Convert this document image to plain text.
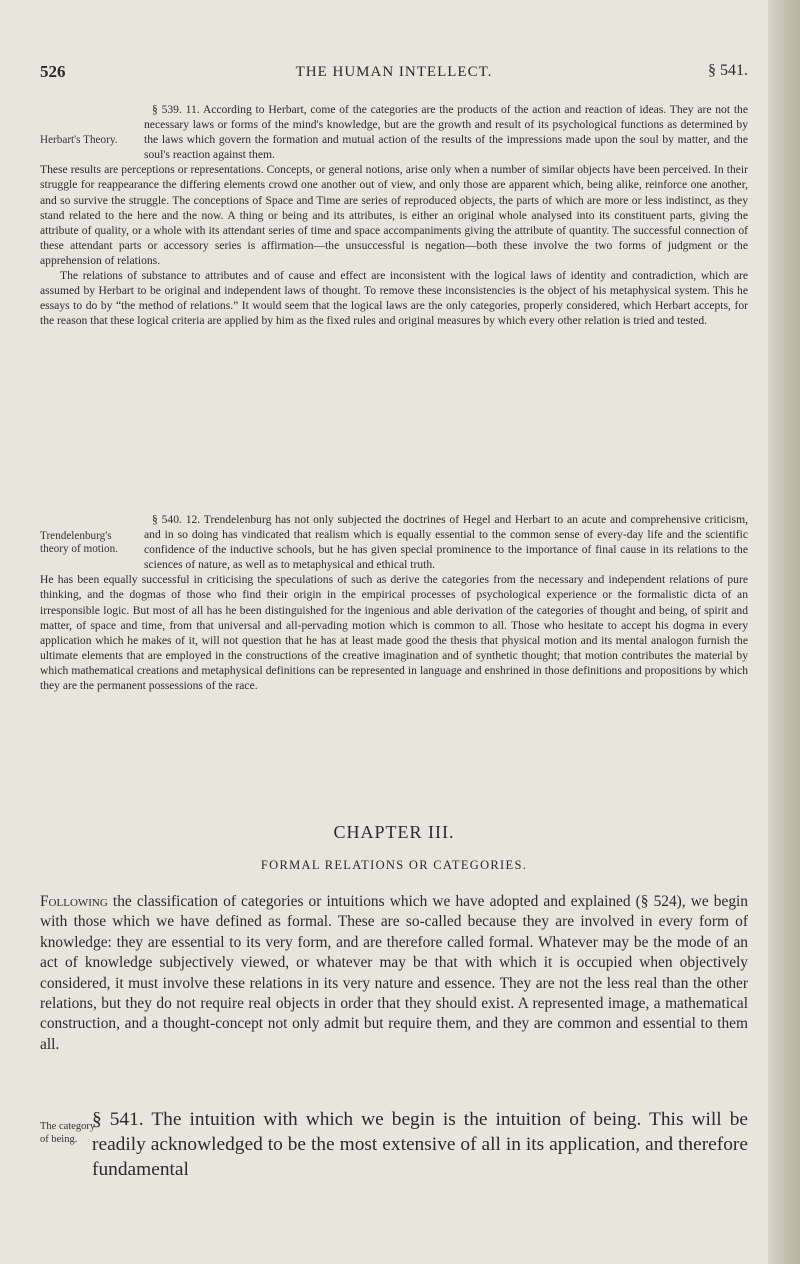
526	THE HUMAN INTELLECT.	§ 541.
Herbart's Theory.

§ 539. 11. According to Herbart, come of the categories are the products of the action and reaction of ideas. They are not the necessary laws or forms of the mind's knowledge, but are the growth and result of its psychological functions as determined by the laws which govern the formation and mutual action of the results of the impressions made upon the soul by matter, and the soul's reaction against them.

These results are perceptions or representations. Concepts, or general notions, arise only when a number of similar objects have been perceived. In their struggle for reappearance the differing elements crowd one another out of view, and only those are apparent which, being alike, reinforce one another, and so survive the struggle. The conceptions of Space and Time are series of reproduced objects, the parts of which are more or less indistinct, as they stand related to the here and the now. A thing or being and its attributes, is either an original whole analysed into its constituent parts, giving the attribute of quality, or a whole with its attendant series of time and space accompaniments giving the attribute of quantity. The successful connection of these attendant parts or accessory series is affirmation—the unsuccessful is negation—both these involve the two forms of judgment or the apprehension of relations.

The relations of substance to attributes and of cause and effect are inconsistent with the logical laws of identity and contradiction, which are assumed by Herbart to be original and independent laws of thought. To remove these inconsistencies is the object of his metaphysical system. This he essays to do by “the method of relations.” It would seem that the logical laws are the only categories, properly considered, which Herbart accepts, for the reason that these logical criteria are applied by him as the fixed rules and original measures by which every other relation is tried and tested.

Trendelenburg's theory of motion.

§ 540. 12. Trendelenburg has not only subjected the doctrines of Hegel and Herbart to an acute and comprehensive criticism, and in so doing has vindicated that realism which is equally essential to the common sense of every-day life and the scientific confidence of the inductive schools, but he has given special prominence to the importance of final cause in its relations to the sciences of nature, as well as to metaphysical and ethical truth.

He has been equally successful in criticising the speculations of such as derive the categories from the necessary and independent relations of pure thinking, and the dogmas of those who find their origin in the empirical processes of psychological experience or the formalistic dicta of an irresponsible logic. But most of all has he been distinguished for the ingenious and able derivation of the categories of thought and being, of spirit and matter, of space and time, from that universal and all-pervading motion which is common to all. Those who hesitate to accept his dogma in every application which he makes of it, will not question that he has at least made good the thesis that physical motion and its mental analogon furnish the ultimate elements that are employed in the constructions of the creative imagination and of synthetic thought; that motion contributes the material by which mathematical creations and metaphysical definitions can be represented in language and enshrined in those definitions and propositions by which they are the permanent possessions of the race.

CHAPTER III.
FORMAL RELATIONS OR CATEGORIES.

Following the classification of categories or intuitions which we have adopted and explained (§ 524), we begin with those which we have defined as formal. These are so-called because they are involved in every form of knowledge: they are essential to its very form, and are therefore called formal. Whatever may be the mode of an act of knowledge subjectively viewed, or whatever may be that with which it is occupied when objectively considered, it must involve these relations in its very nature and essence. They are not the less real than the other relations, but they do not require real objects in order that they should exist. A represented image, a mathematical construction, and a thought-concept not only admit but require them, and they are common and essential to them all.

The category of being.

§ 541. The intuition with which we begin is the intuition of being. This will be readily acknowledged to be the most extensive of all in its application, and therefore fundamental
